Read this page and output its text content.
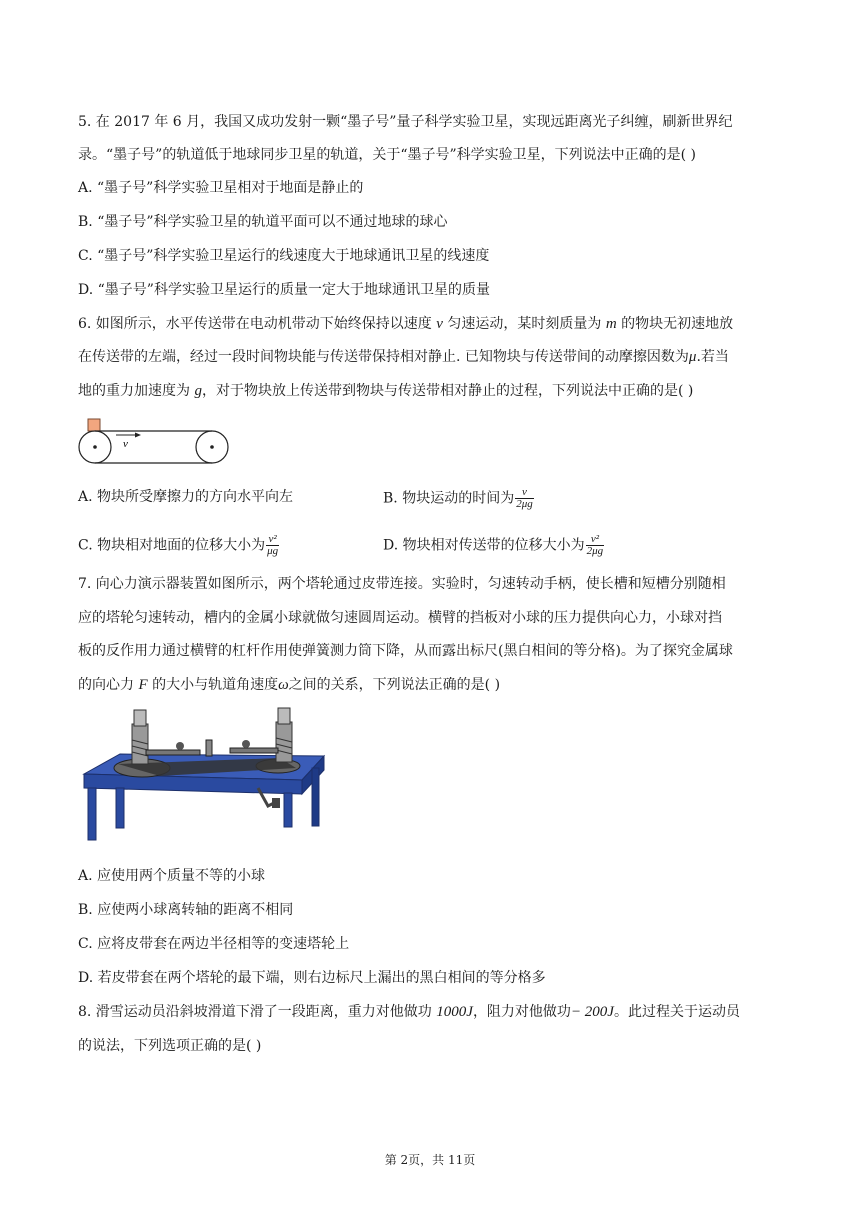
5. 在 2017 年 6 月，我国又成功发射一颗“墨子号”量子科学实验卫星，实现远距离光子纠缠，刷新世界纪
录。“墨子号”的轨道低于地球同步卫星的轨道，关于“墨子号”科学实验卫星，下列说法中正确的是( )
A. “墨子号”科学实验卫星相对于地面是静止的
B. “墨子号”科学实验卫星的轨道平面可以不通过地球的球心
C. “墨子号”科学实验卫星运行的线速度大于地球通讯卫星的线速度
D. “墨子号”科学实验卫星运行的质量一定大于地球通讯卫星的质量
6. 如图所示，水平传送带在电动机带动下始终保持以速度 v 匀速运动，某时刻质量为 m 的物块无初速地放
在传送带的左端，经过一段时间物块能与传送带保持相对静止. 已知物块与传送带间的动摩擦因数为μ.若当
地的重力加速度为 g，对于物块放上传送带到物块与传送带相对静止的过程，下列说法中正确的是( )
v
A. 物块所受摩擦力的方向水平向左	B. 物块运动的时间为 $\frac{v}{2\mu g}$
C. 物块相对地面的位移大小为 $\frac{\text{v²}}{\mu g}$	D. 物块相对传送带的位移大小为 $\frac{\text{v²}}{2\mu g}$
7. 向心力演示器装置如图所示，两个塔轮通过皮带连接。实验时，匀速转动手柄，使长槽和短槽分别随相
应的塔轮匀速转动，槽内的金属小球就做匀速圆周运动。横臂的挡板对小球的压力提供向心力，小球对挡
板的反作用力通过横臂的杠杆作用使弹簧测力筒下降，从而露出标尺(黑白相间的等分格)。为了探究金属球
的向心力 F 的大小与轨道角速度ω之间的关系，下列说法正确的是( )
A. 应使用两个质量不等的小球
B. 应使两小球离转轴的距离不相同
C. 应将皮带套在两边半径相等的变速塔轮上
D. 若皮带套在两个塔轮的最下端，则右边标尺上漏出的黑白相间的等分格多
8. 滑雪运动员沿斜坡滑道下滑了一段距离，重力对他做功 1000J，阻力对他做功− 200J。此过程关于运动员
的说法，下列选项正确的是( )
第 2页，共 11页
